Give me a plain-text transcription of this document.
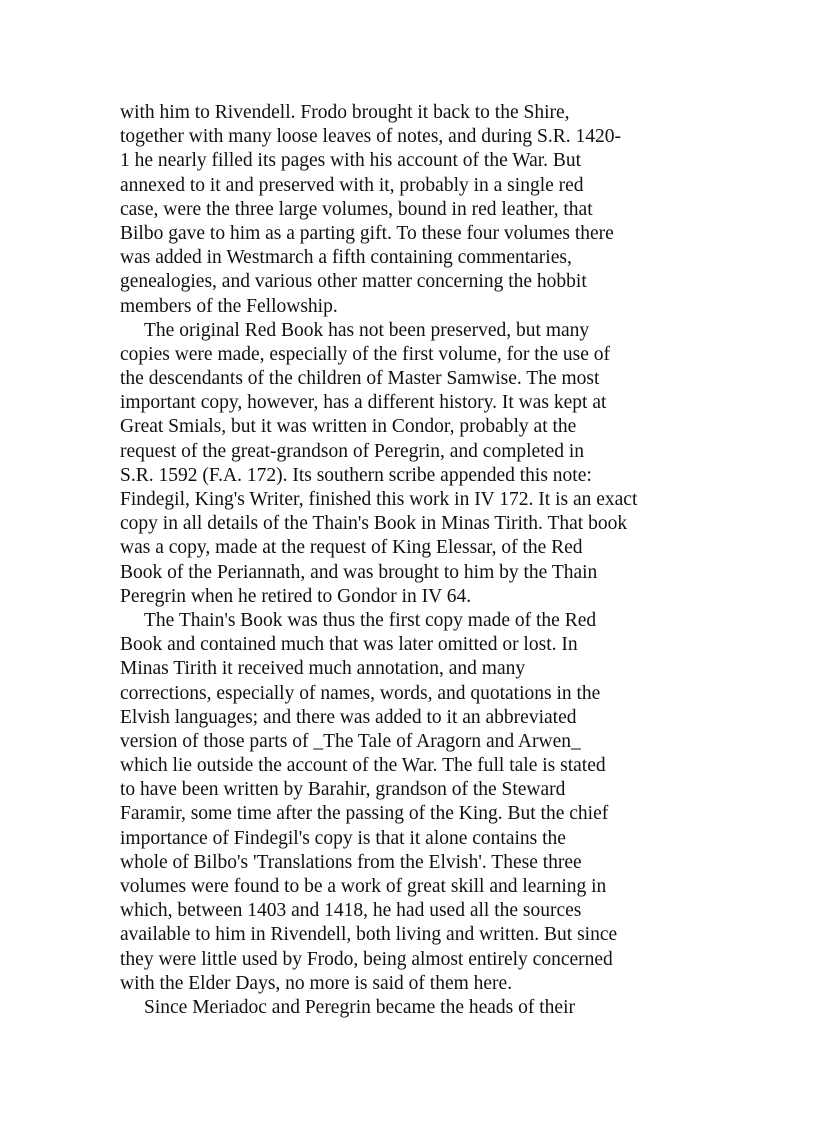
with him to Rivendell. Frodo brought it back to the Shire,
together with many loose leaves of notes, and during S.R. 1420-
1 he nearly filled its pages with his account of the War. But
annexed to it and preserved with it, probably in a single red
case, were the three large volumes, bound in red leather, that
Bilbo gave to him as a parting gift. To these four volumes there
was added in Westmarch a fifth containing commentaries,
genealogies, and various other matter concerning the hobbit
members of the Fellowship.
The original Red Book has not been preserved, but many
copies were made, especially of the first volume, for the use of
the descendants of the children of Master Samwise. The most
important copy, however, has a different history. It was kept at
Great Smials, but it was written in Condor, probably at the
request of the great-grandson of Peregrin, and completed in
S.R. 1592 (F.A. 172). Its southern scribe appended this note:
Findegil, King's Writer, finished this work in IV 172. It is an exact
copy in all details of the Thain's Book in Minas Tirith. That book
was a copy, made at the request of King Elessar, of the Red
Book of the Periannath, and was brought to him by the Thain
Peregrin when he retired to Gondor in IV 64.
The Thain's Book was thus the first copy made of the Red
Book and contained much that was later omitted or lost. In
Minas Tirith it received much annotation, and many
corrections, especially of names, words, and quotations in the
Elvish languages; and there was added to it an abbreviated
version of those parts of _The Tale of Aragorn and Arwen_
which lie outside the account of the War. The full tale is stated
to have been written by Barahir, grandson of the Steward
Faramir, some time after the passing of the King. But the chief
importance of Findegil's copy is that it alone contains the
whole of Bilbo's 'Translations from the Elvish'. These three
volumes were found to be a work of great skill and learning in
which, between 1403 and 1418, he had used all the sources
available to him in Rivendell, both living and written. But since
they were little used by Frodo, being almost entirely concerned
with the Elder Days, no more is said of them here.
Since Meriadoc and Peregrin became the heads of their
